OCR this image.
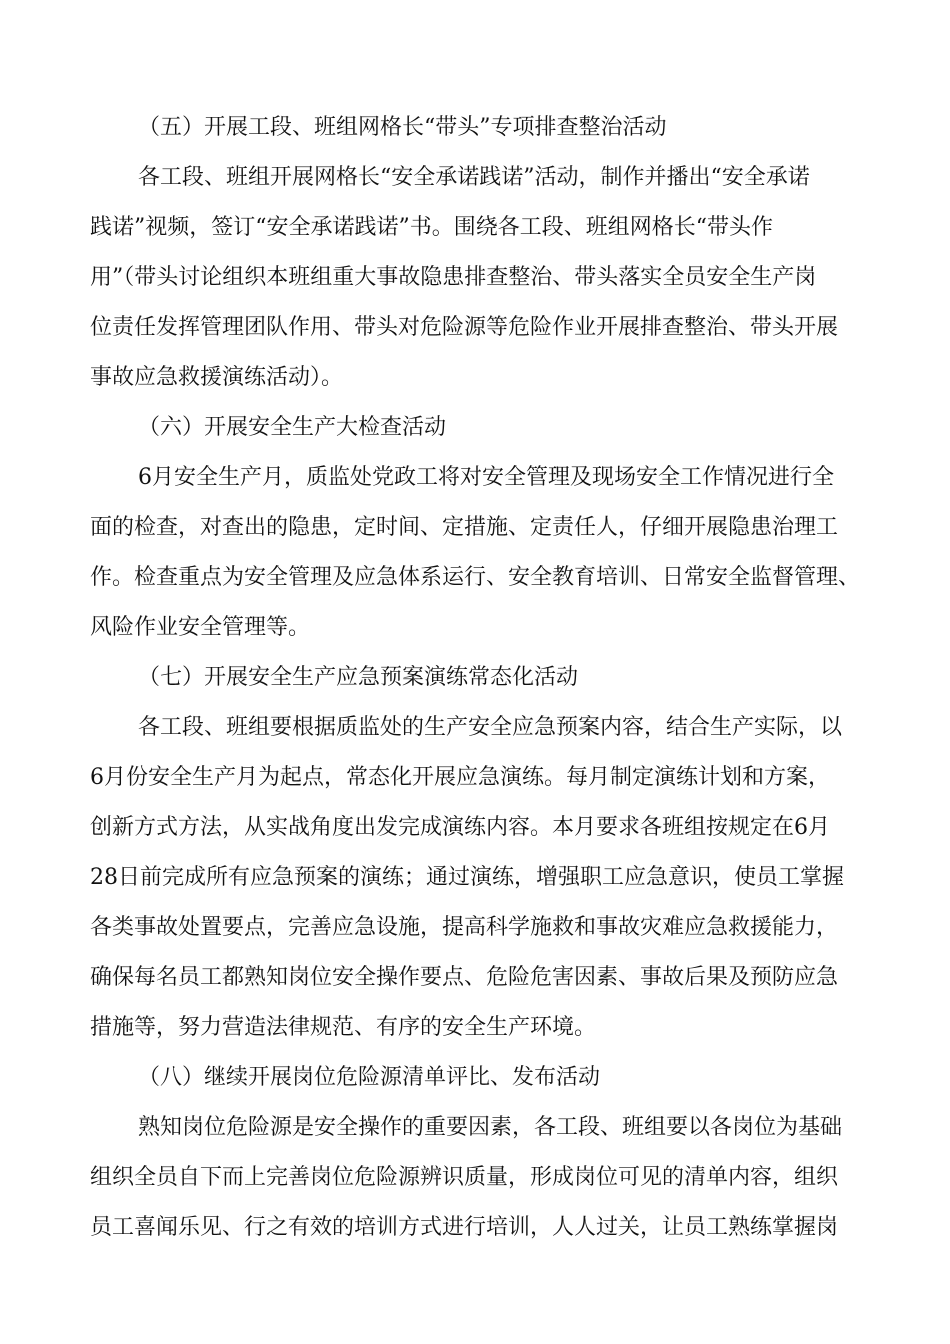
（五）开展工段、班组网格长“带头”专项排查整治活动
各工段、班组开展网格长“安全承诺践诺”活动，制作并播出“安全承诺
践诺”视频，签订“安全承诺践诺”书。围绕各工段、班组网格长“带头作
用”（带头讨论组织本班组重大事故隐患排查整治、带头落实全员安全生产岗
位责任发挥管理团队作用、带头对危险源等危险作业开展排查整治、带头开展
事故应急救援演练活动）。
（六）开展安全生产大检查活动
6月安全生产月，质监处党政工将对安全管理及现场安全工作情况进行全
面的检查，对查出的隐患，定时间、定措施、定责任人，仔细开展隐患治理工
作。检查重点为安全管理及应急体系运行、安全教育培训、日常安全监督管理、
风险作业安全管理等。
（七）开展安全生产应急预案演练常态化活动
各工段、班组要根据质监处的生产安全应急预案内容，结合生产实际，以
6月份安全生产月为起点，常态化开展应急演练。每月制定演练计划和方案，
创新方式方法，从实战角度出发完成演练内容。本月要求各班组按规定在6月
28日前完成所有应急预案的演练；通过演练，增强职工应急意识，使员工掌握
各类事故处置要点，完善应急设施，提高科学施救和事故灾难应急救援能力，
确保每名员工都熟知岗位安全操作要点、危险危害因素、事故后果及预防应急
措施等，努力营造法律规范、有序的安全生产环境。
（八）继续开展岗位危险源清单评比、发布活动
熟知岗位危险源是安全操作的重要因素，各工段、班组要以各岗位为基础
组织全员自下而上完善岗位危险源辨识质量，形成岗位可见的清单内容，组织
员工喜闻乐见、行之有效的培训方式进行培训，人人过关，让员工熟练掌握岗
